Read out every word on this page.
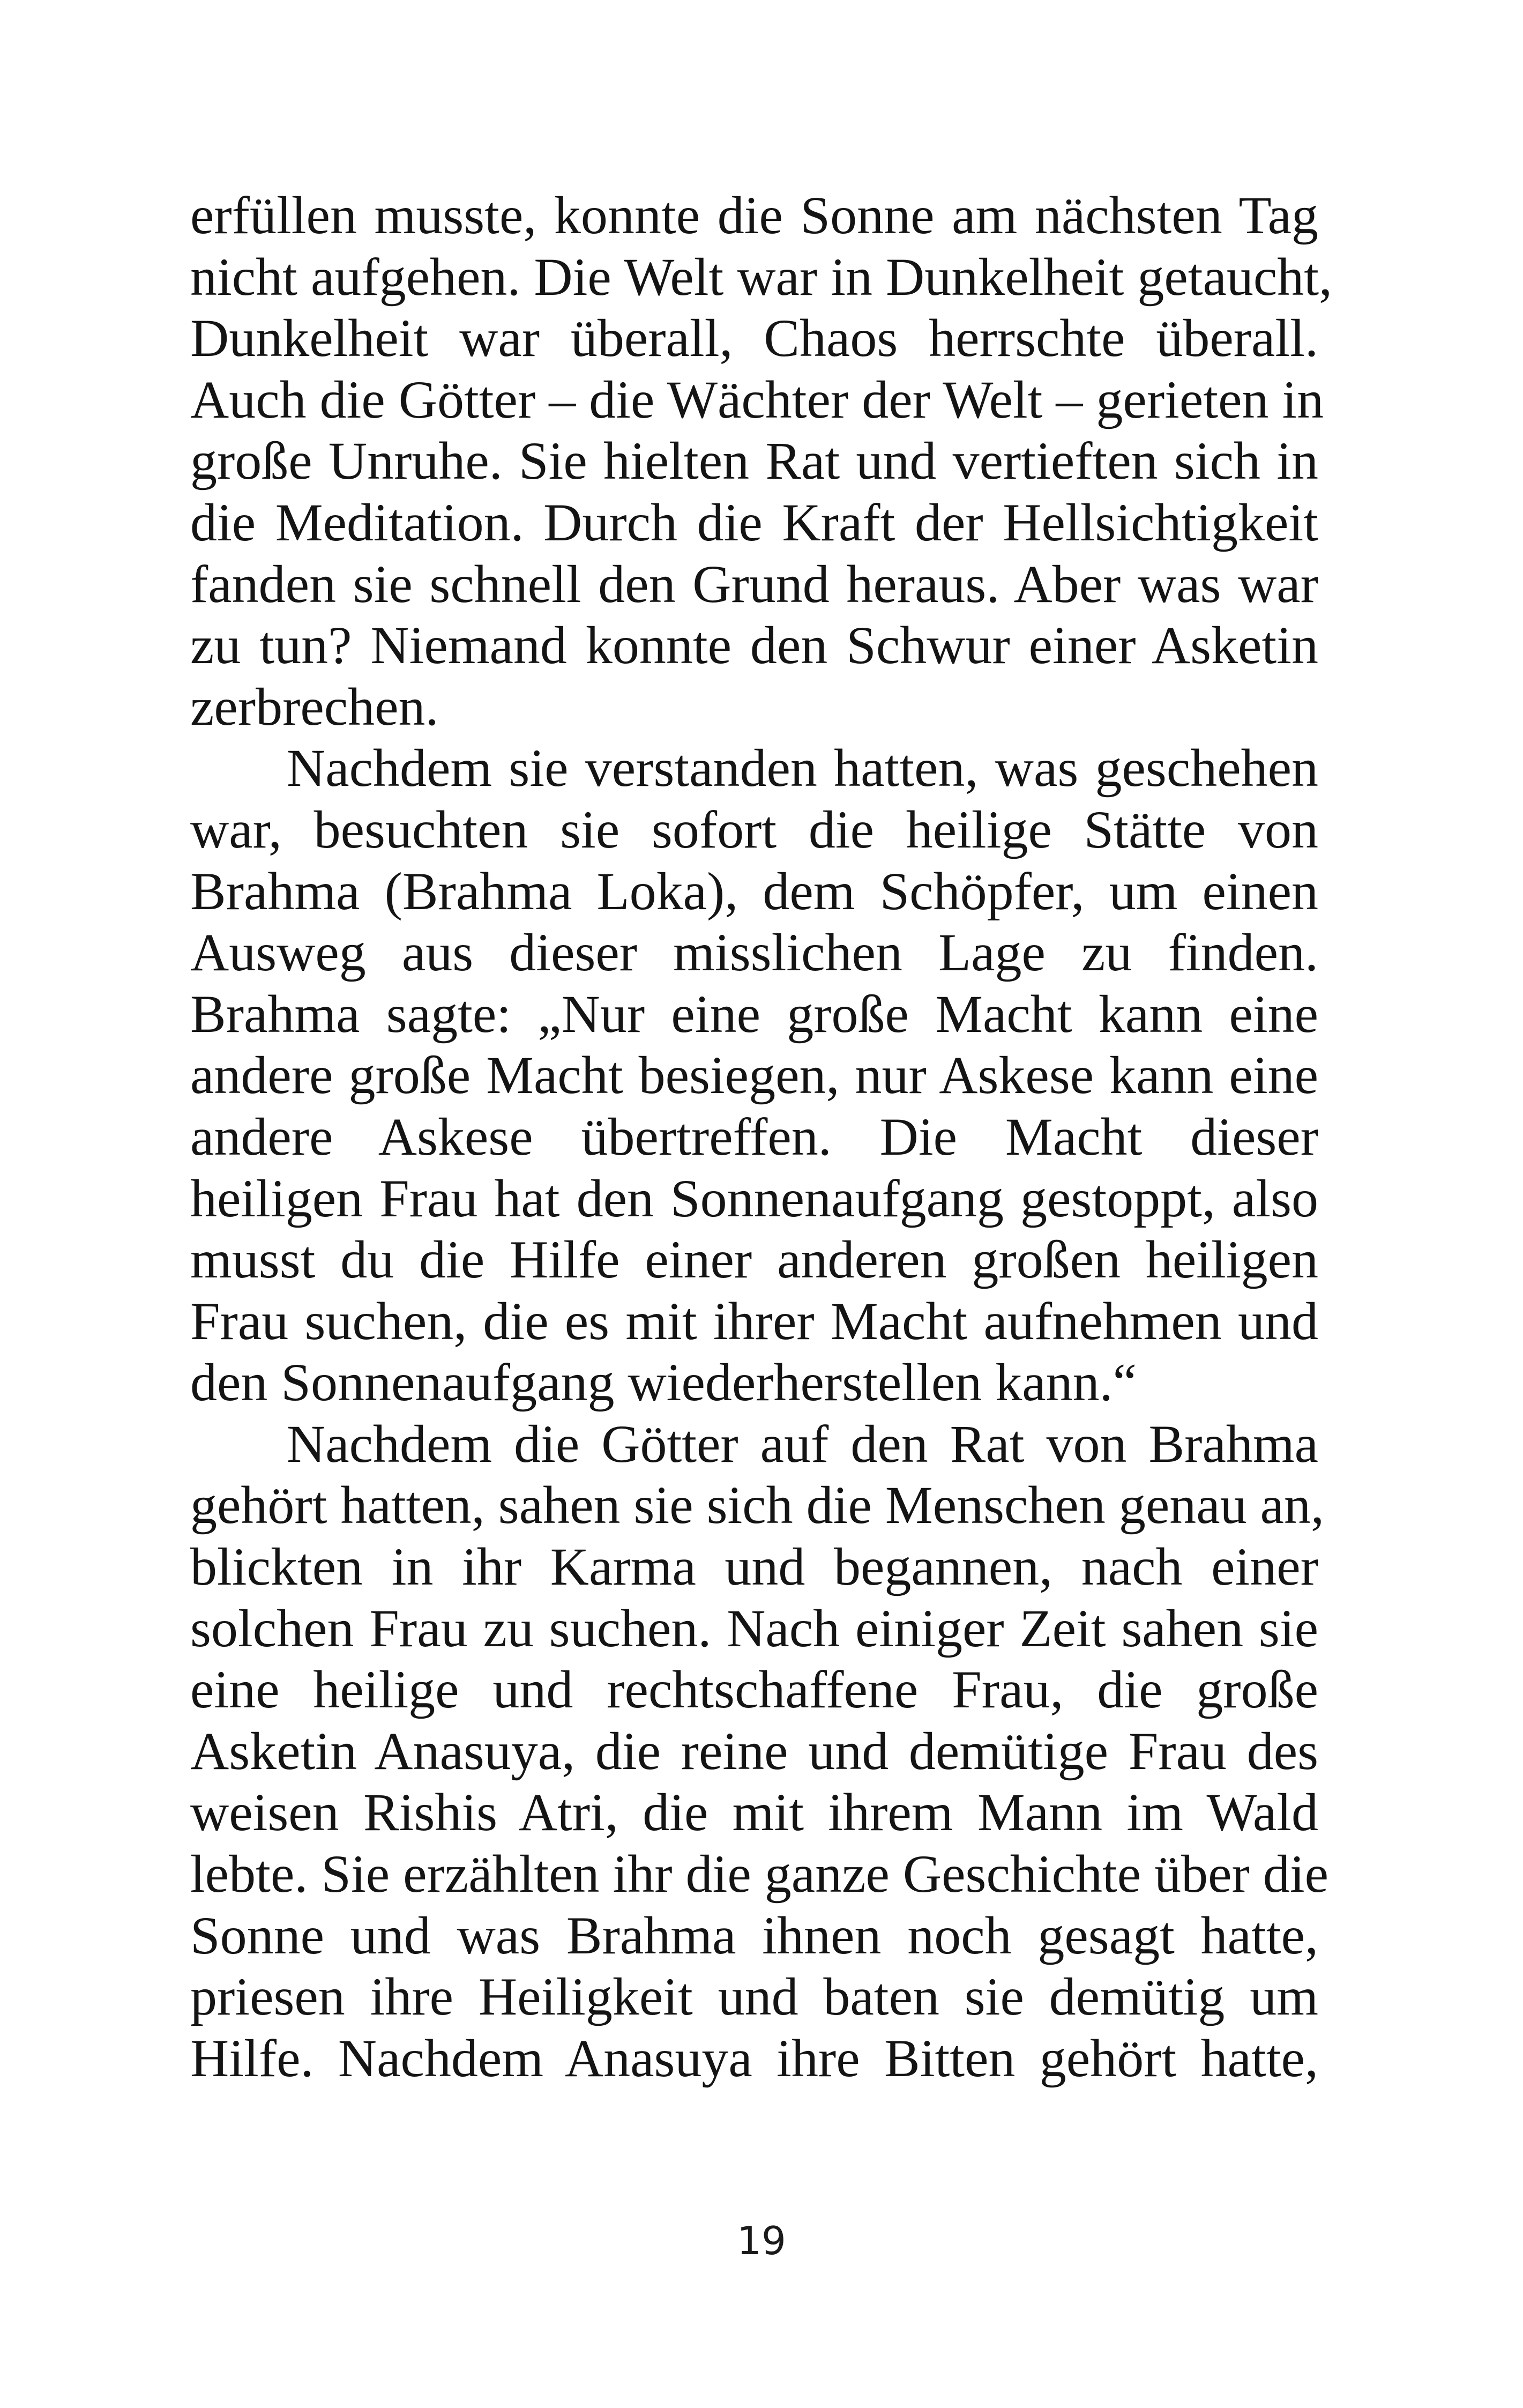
erfüllen musste, konnte die Sonne am nächsten Tag

nicht aufgehen. Die Welt war in Dunkelheit getaucht,

Dunkelheit war überall, Chaos herrschte überall.

Auch die Götter – die Wächter der Welt – gerieten in

große Unruhe. Sie hielten Rat und vertieften sich in

die Meditation. Durch die Kraft der Hellsichtigkeit

fanden sie schnell den Grund heraus. Aber was war

zu tun? Niemand konnte den Schwur einer Asketin

zerbrechen.

Nachdem sie verstanden hatten, was geschehen

war, besuchten sie sofort die heilige Stätte von

Brahma (Brahma Loka), dem Schöpfer, um einen

Ausweg aus dieser misslichen Lage zu finden.

Brahma sagte: „Nur eine große Macht kann eine

andere große Macht besiegen, nur Askese kann eine

andere Askese übertreffen. Die Macht dieser

heiligen Frau hat den Sonnenaufgang gestoppt, also

musst du die Hilfe einer anderen großen heiligen

Frau suchen, die es mit ihrer Macht aufnehmen und

den Sonnenaufgang wiederherstellen kann.“

Nachdem die Götter auf den Rat von Brahma

gehört hatten, sahen sie sich die Menschen genau an,

blickten in ihr Karma und begannen, nach einer

solchen Frau zu suchen. Nach einiger Zeit sahen sie

eine heilige und rechtschaffene Frau, die große

Asketin Anasuya, die reine und demütige Frau des

weisen Rishis Atri, die mit ihrem Mann im Wald

lebte. Sie erzählten ihr die ganze Geschichte über die

Sonne und was Brahma ihnen noch gesagt hatte,

priesen ihre Heiligkeit und baten sie demütig um

Hilfe. Nachdem Anasuya ihre Bitten gehört hatte,

19
